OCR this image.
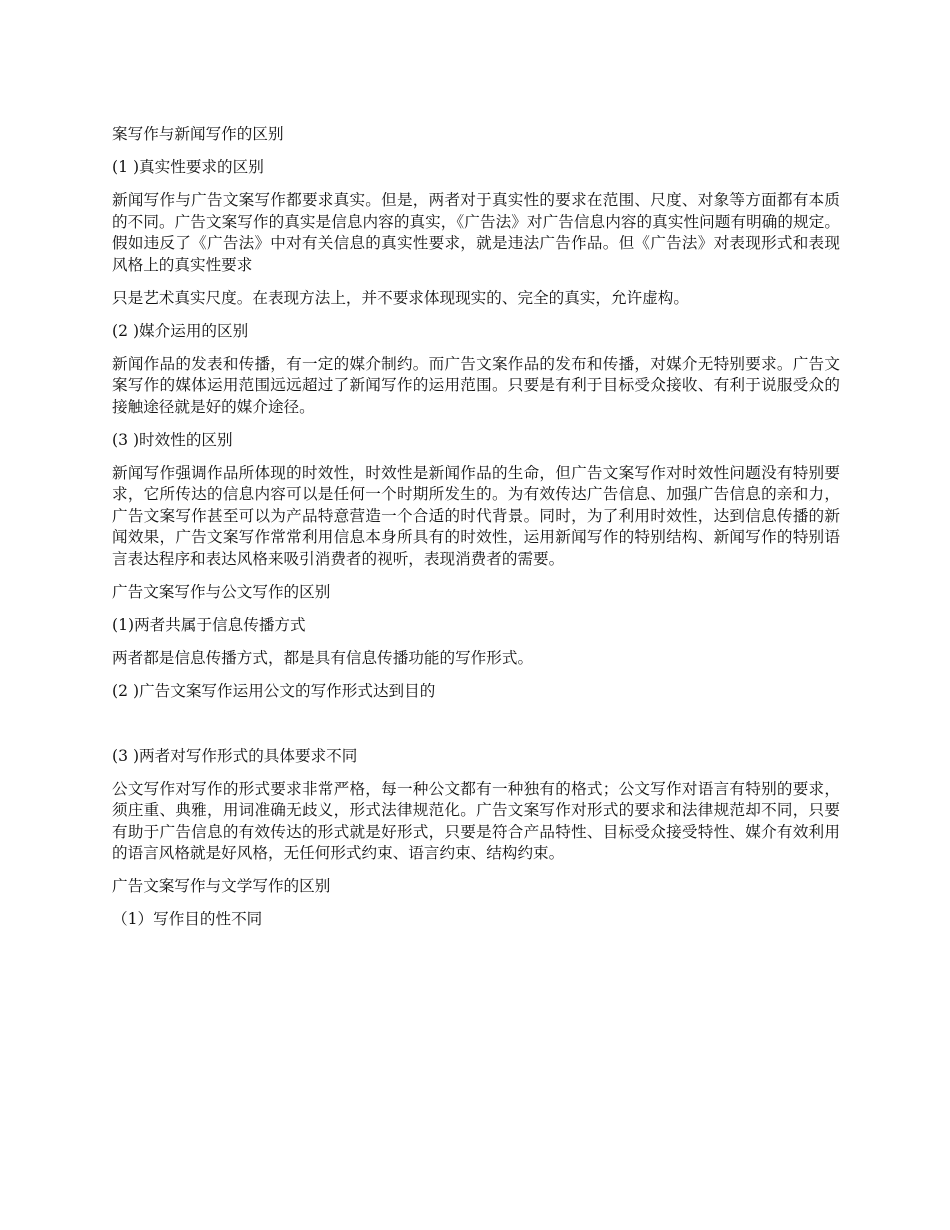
案写作与新闻写作的区别

(1 )真实性要求的区别

新闻写作与广告文案写作都要求真实。但是，两者对于真实性的要求在范围、尺度、对象等方面都有本质的不同。广告文案写作的真实是信息内容的真实，《广告法》对广告信息内容的真实性问题有明确的规定。假如违反了《广告法》中对有关信息的真实性要求，就是违法广告作品。但《广告法》对表现形式和表现风格上的真实性要求

只是艺术真实尺度。在表现方法上，并不要求体现现实的、完全的真实，允许虚构。

(2 )媒介运用的区别

新闻作品的发表和传播，有一定的媒介制约。而广告文案作品的发布和传播，对媒介无特别要求。广告文案写作的媒体运用范围远远超过了新闻写作的运用范围。只要是有利于目标受众接收、有利于说服受众的接触途径就是好的媒介途径。

(3 )时效性的区别

新闻写作强调作品所体现的时效性，时效性是新闻作品的生命，但广告文案写作对时效性问题没有特别要求，它所传达的信息内容可以是任何一个时期所发生的。为有效传达广告信息、加强广告信息的亲和力，广告文案写作甚至可以为产品特意营造一个合适的时代背景。同时，为了利用时效性，达到信息传播的新闻效果，广告文案写作常常利用信息本身所具有的时效性，运用新闻写作的特别结构、新闻写作的特别语言表达程序和表达风格来吸引消费者的视听，表现消费者的需要。

广告文案写作与公文写作的区别

(1)两者共属于信息传播方式

两者都是信息传播方式，都是具有信息传播功能的写作形式。

(2 )广告文案写作运用公文的写作形式达到目的

(3 )两者对写作形式的具体要求不同

公文写作对写作的形式要求非常严格，每一种公文都有一种独有的格式；公文写作对语言有特别的要求，须庄重、典雅，用词准确无歧义，形式法律规范化。广告文案写作对形式的要求和法律规范却不同，只要有助于广告信息的有效传达的形式就是好形式，只要是符合产品特性、目标受众接受特性、媒介有效利用的语言风格就是好风格，无任何形式约束、语言约束、结构约束。

广告文案写作与文学写作的区别

（1）写作目的性不同
